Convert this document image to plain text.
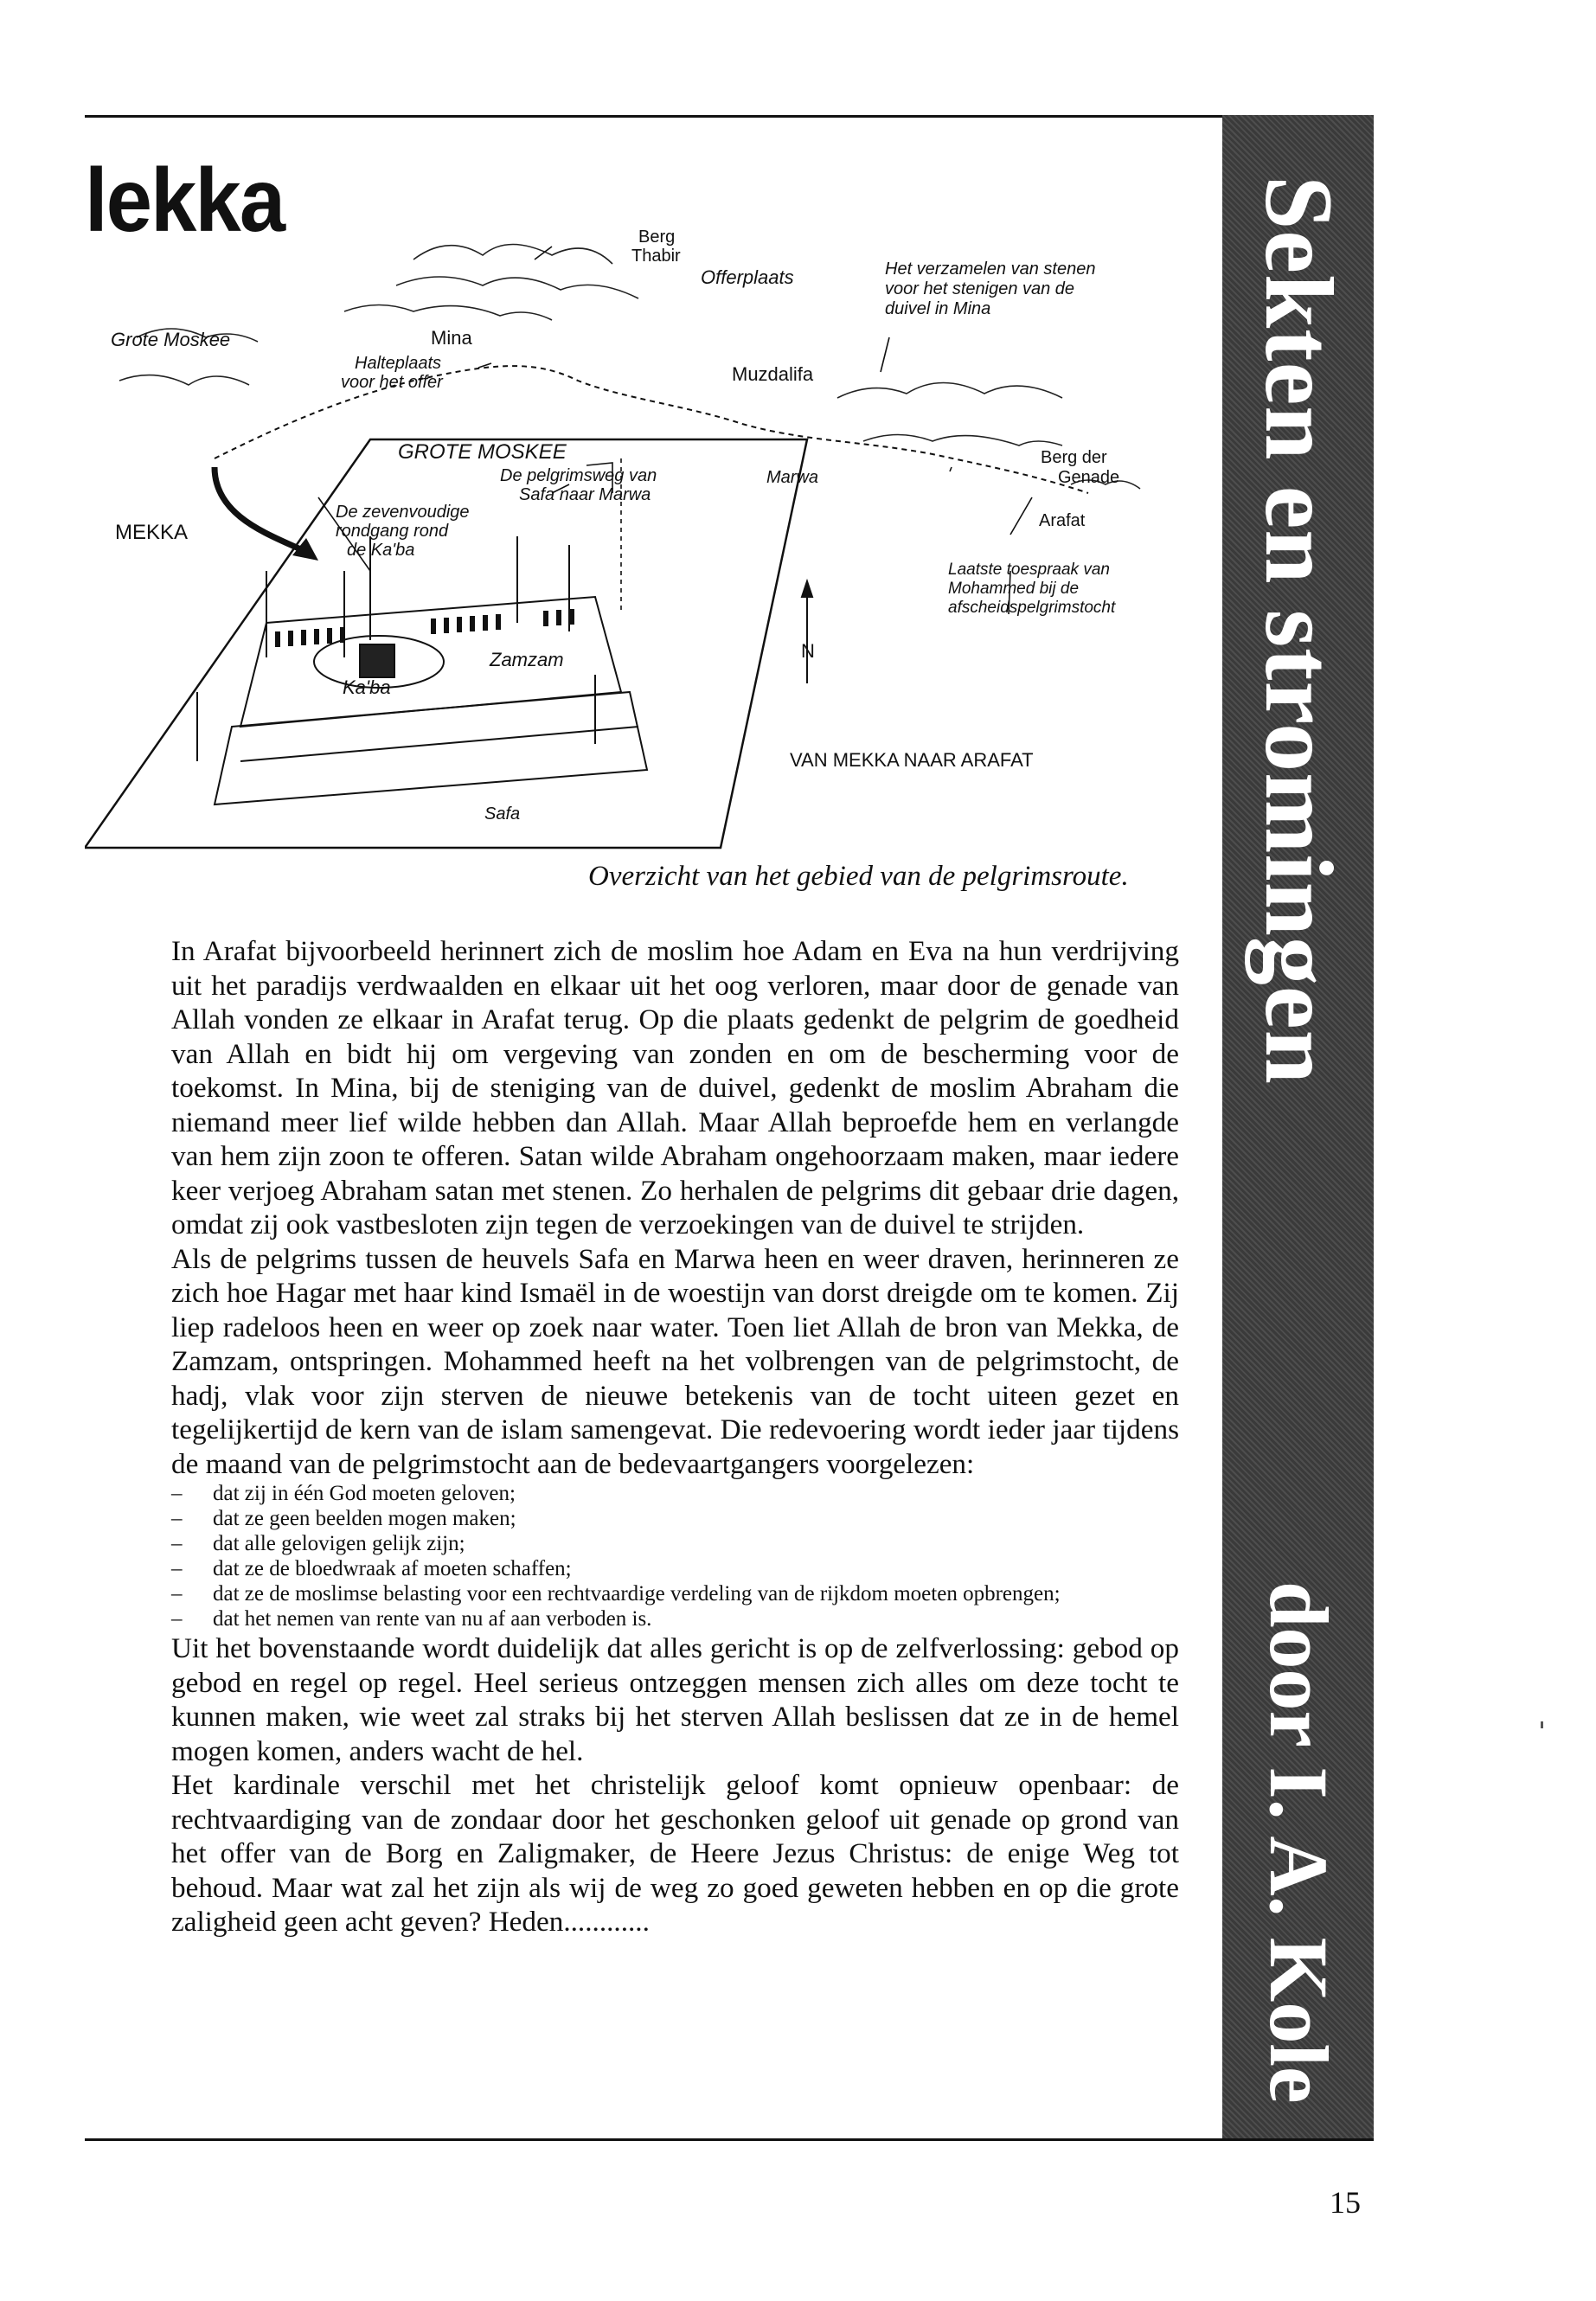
lekka
Grote Moskee
MEKKA
Berg
Thabir
Offerplaats
Mina
Halteplaats
voor het offer	Muzdalifa
Het verzamelen van stenen
voor het stenigen van de
duivel in Mina
Berg der
Genade
Arafat
Laatste toespraak van
Mohammed bij de
afscheidspelgrimstocht
GROTE MOSKEE
De pelgrimsweg van
Safa naar Marwa
De zevenvoudige
rondgang rond
de Ka'ba
Marwa
Ka'ba
Zamzam
Safa
N
VAN MEKKA NAAR ARAFAT
Overzicht van het gebied van de pelgrimsroute.

In Arafat bijvoorbeeld herinnert zich de moslim hoe Adam en Eva na hun verdrijving uit het paradijs verdwaalden en elkaar uit het oog verloren, maar door de genade van Allah vonden ze elkaar in Arafat terug. Op die plaats gedenkt de pelgrim de goedheid van Allah en bidt hij om vergeving van zonden en om de bescherming voor de toekomst. In Mina, bij de steniging van de duivel, gedenkt de moslim Abraham die niemand meer lief wilde hebben dan Allah. Maar Allah beproefde hem en verlangde van hem zijn zoon te offeren. Satan wilde Abraham ongehoorzaam maken, maar iedere keer verjoeg Abraham satan met stenen. Zo herhalen de pelgrims dit gebaar drie dagen, omdat zij ook vastbesloten zijn tegen de verzoekingen van de duivel te strijden.

Als de pelgrims tussen de heuvels Safa en Marwa heen en weer draven, herinneren ze zich hoe Hagar met haar kind Ismaël in de woestijn van dorst dreigde om te komen. Zij liep radeloos heen en weer op zoek naar water. Toen liet Allah de bron van Mekka, de Zamzam, ontspringen. Mohammed heeft na het volbrengen van de pelgrimstocht, de hadj, vlak voor zijn sterven de nieuwe betekenis van de tocht uiteen gezet en tegelijkertijd de kern van de islam samengevat. Die redevoering wordt ieder jaar tijdens de maand van de pelgrimstocht aan de bedevaartgangers voorgelezen:

– dat zij in één God moeten geloven;
– dat ze geen beelden mogen maken;
– dat alle gelovigen gelijk zijn;
– dat ze de bloedwraak af moeten schaffen;
– dat ze de moslimse belasting voor een rechtvaardige verdeling van de rijkdom moeten opbrengen;
– dat het nemen van rente van nu af aan verboden is.

Uit het bovenstaande wordt duidelijk dat alles gericht is op de zelfverlossing: gebod op gebod en regel op regel. Heel serieus ontzeggen mensen zich alles om deze tocht te kunnen maken, wie weet zal straks bij het sterven Allah beslissen dat ze in de hemel mogen komen, anders wacht de hel.

Het kardinale verschil met het christelijk geloof komt opnieuw openbaar: de rechtvaardiging van de zondaar door het geschonken geloof uit genade op grond van het offer van de Borg en Zaligmaker, de Heere Jezus Christus: de enige Weg tot behoud. Maar wat zal het zijn als wij de weg zo goed geweten hebben en op die grote zaligheid geen acht geven? Heden............

Sekten en stromingen
door I. A. Kole
15
